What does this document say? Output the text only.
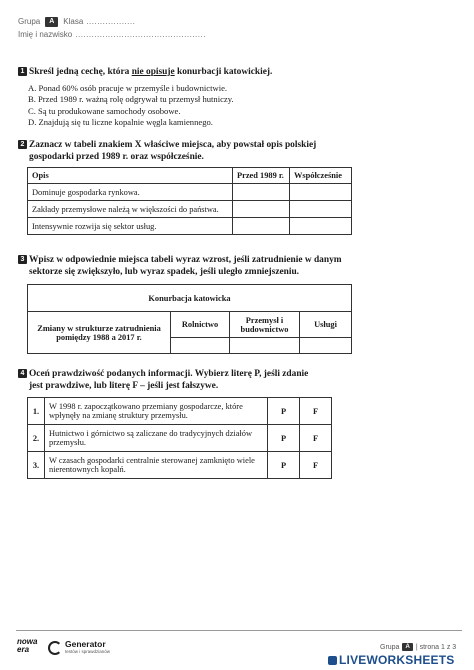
Grupa	A	Klasa ..................
Imię i nazwisko ................................................
1 Skreśl jedną cechę, która nie opisuje konurbacji katowickiej.
A. Ponad 60% osób pracuje w przemyśle i budownictwie.
B. Przed 1989 r. ważną rolę odgrywał tu przemysł hutniczy.
C. Są tu produkowane samochody osobowe.
D. Znajdują się tu liczne kopalnie węgla kamiennego.
2 Zaznacz w tabeli znakiem X właściwe miejsca, aby powstał opis polskiej gospodarki przed 1989 r. oraz współcześnie.
Opis	Przed 1989 r.	Współcześnie
Dominuje gospodarka rynkowa.		
Zakłady przemysłowe należą w większości do państwa.		
Intensywnie rozwija się sektor usług.		
3 Wpisz w odpowiednie miejsca tabeli wyraz wzrost, jeśli zatrudnienie w danym sektorze się zwiększyło, lub wyraz spadek, jeśli uległo zmniejszeniu.
Konurbacja katowicka			
Zmiany w strukturze zatrudnienia pomiędzy 1988 a 2017 r.	Rolnictwo	Przemysł i budownictwo	Usługi

4 Oceń prawdziwość podanych informacji. Wybierz literę P, jeśli zdanie jest prawdziwe, lub literę F – jeśli jest fałszywe.
1.	W 1998 r. zapoczątkowano przemiany gospodarcze, które wpłynęły na zmianę struktury przemysłu.	P	F
2.	Hutnictwo i górnictwo są zaliczane do tradycyjnych działów przemysłu.	P	F
3.	W czasach gospodarki centralnie sterowanej zamknięto wiele nierentownych kopalń.	P	F
nowa
era
Generator
testów i sprawdzianów
Grupa	A | strona 1 z 3
LIVEWORKSHEETS
